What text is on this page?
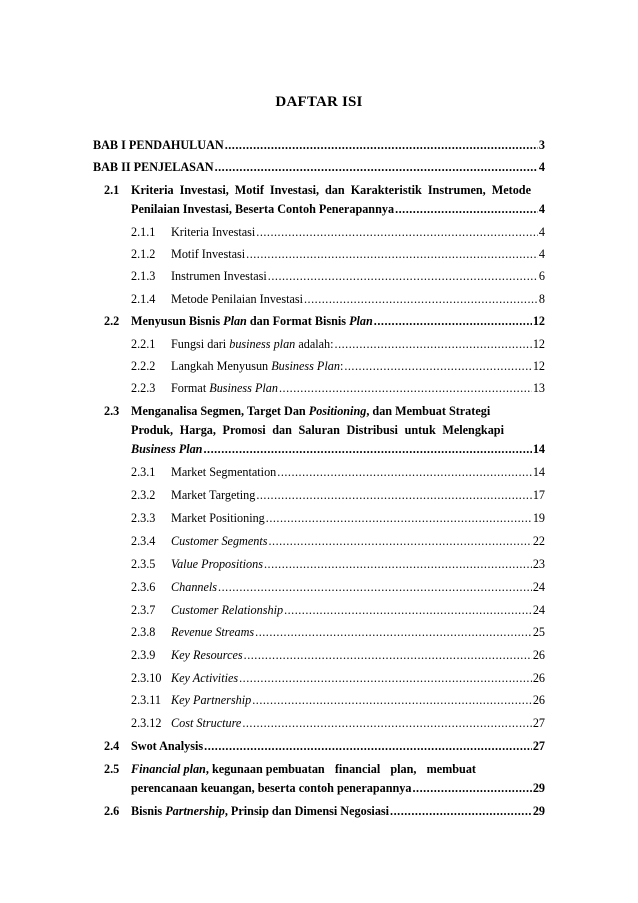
DAFTAR ISI
BAB I PENDAHULUAN .....	3
BAB II PENJELASAN .....	4
2.1 Kriteria Investasi, Motif Investasi, dan Karakteristik Instrumen, Metode
Penilaian Investasi, Beserta Contoh Penerapannya .....	4
2.1.1 Kriteria Investasi .....	4
2.1.2 Motif Investasi .....	4
2.1.3 Instrumen Investasi .....	6
2.1.4 Metode Penilaian Investasi .....	8
2.2 Menyusun Bisnis Plan dan Format Bisnis Plan .....	12
2.2.1 Fungsi dari business plan adalah: .....	12
2.2.2 Langkah Menyusun Business Plan: .....	12
2.2.3 Format Business Plan .....	13
2.3 Menganalisa Segmen, Target Dan Positioning, dan Membuat Strategi
Produk, Harga, Promosi dan Saluran Distribusi untuk Melengkapi
Business Plan .....	14
2.3.1 Market Segmentation .....	14
2.3.2 Market Targeting .....	17
2.3.3 Market Positioning .....	19
2.3.4 Customer Segments .....	22
2.3.5 Value Propositions .....	23
2.3.6 Channels .....	24
2.3.7 Customer Relationship .....	24
2.3.8 Revenue Streams .....	25
2.3.9 Key Resources .....	26
2.3.10 Key Activities .....	26
2.3.11 Key Partnership .....	26
2.3.12 Cost Structure .....	27
2.4 Swot Analysis .....	27
2.5 Financial plan, kegunaan pembuatan financial plan, membuat
perencanaan keuangan, beserta contoh penerapannya .....	29
2.6 Bisnis Partnership, Prinsip dan Dimensi Negosiasi .....	29
